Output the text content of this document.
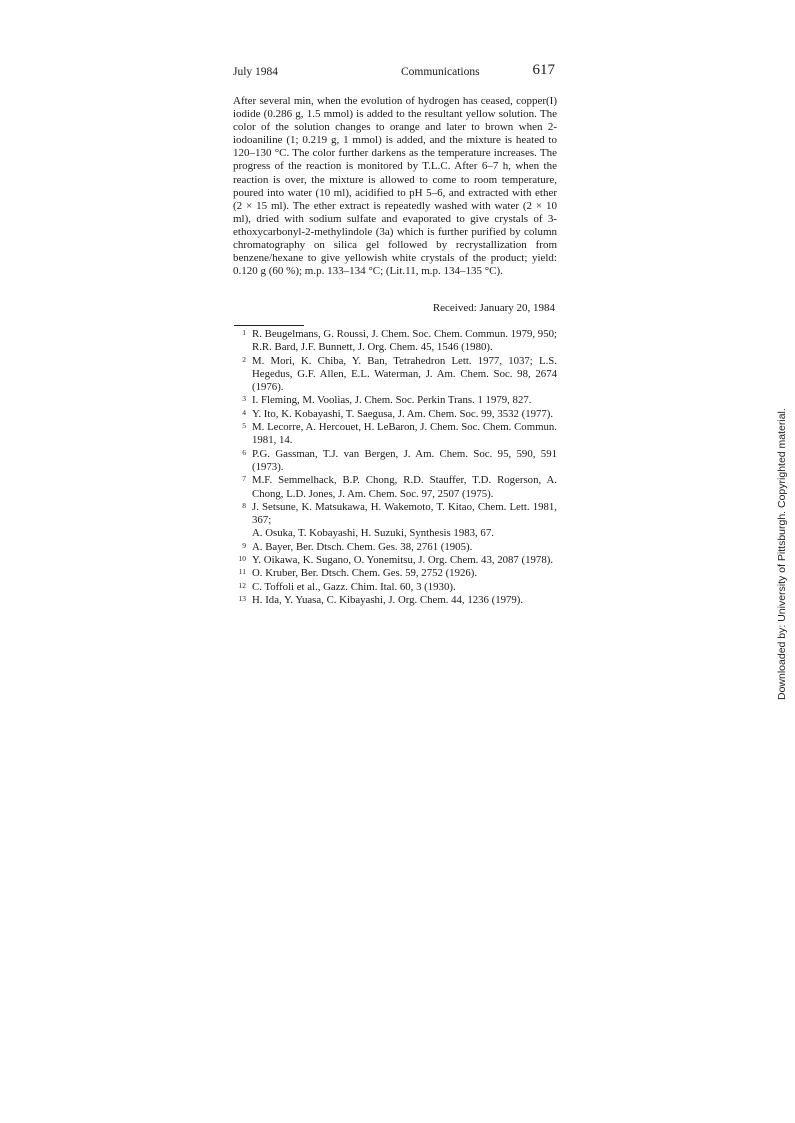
July 1984	Communications	617
After several min, when the evolution of hydrogen has ceased, copper(I) iodide (0.286 g, 1.5 mmol) is added to the resultant yellow solution. The color of the solution changes to orange and later to brown when 2-iodoaniline (1; 0.219 g, 1 mmol) is added, and the mixture is heated to 120–130 °C. The color further darkens as the temperature increases. The progress of the reaction is monitored by T.L.C. After 6–7 h, when the reaction is over, the mixture is allowed to come to room temperature, poured into water (10 ml), acidified to pH 5–6, and extracted with ether (2 × 15 ml). The ether extract is repeatedly washed with water (2 × 10 ml), dried with sodium sulfate and evaporated to give crystals of 3-ethoxycarbonyl-2-methylindole (3a) which is further purified by column chromatography on silica gel followed by recrystallization from benzene/hexane to give yellowish white crystals of the product; yield: 0.120 g (60 %); m.p. 133–134 °C; (Lit.11, m.p. 134–135 °C).
Received: January 20, 1984
1 R. Beugelmans, G. Roussi, J. Chem. Soc. Chem. Commun. 1979, 950; R.R. Bard, J.F. Bunnett, J. Org. Chem. 45, 1546 (1980).
2 M. Mori, K. Chiba, Y. Ban, Tetrahedron Lett. 1977, 1037; L.S. Hegedus, G.F. Allen, E.L. Waterman, J. Am. Chem. Soc. 98, 2674 (1976).
3 I. Fleming, M. Voolias, J. Chem. Soc. Perkin Trans. 1 1979, 827.
4 Y. Ito, K. Kobayashi, T. Saegusa, J. Am. Chem. Soc. 99, 3532 (1977).
5 M. Lecorre, A. Hercouet, H. LeBaron, J. Chem. Soc. Chem. Commun. 1981, 14.
6 P.G. Gassman, T.J. van Bergen, J. Am. Chem. Soc. 95, 590, 591 (1973).
7 M.F. Semmelhack, B.P. Chong, R.D. Stauffer, T.D. Rogerson, A. Chong, L.D. Jones, J. Am. Chem. Soc. 97, 2507 (1975).
8 J. Setsune, K. Matsukawa, H. Wakemoto, T. Kitao, Chem. Lett. 1981, 367;
A. Osuka, T. Kobayashi, H. Suzuki, Synthesis 1983, 67.
9 A. Bayer, Ber. Dtsch. Chem. Ges. 38, 2761 (1905).
10 Y. Oikawa, K. Sugano, O. Yonemitsu, J. Org. Chem. 43, 2087 (1978).
11 O. Kruber, Ber. Dtsch. Chem. Ges. 59, 2752 (1926).
12 C. Toffoli et al., Gazz. Chim. Ital. 60, 3 (1930).
13 H. Ida, Y. Yuasa, C. Kibayashi, J. Org. Chem. 44, 1236 (1979).	Downloaded by: University of Pittsburgh. Copyrighted material.
